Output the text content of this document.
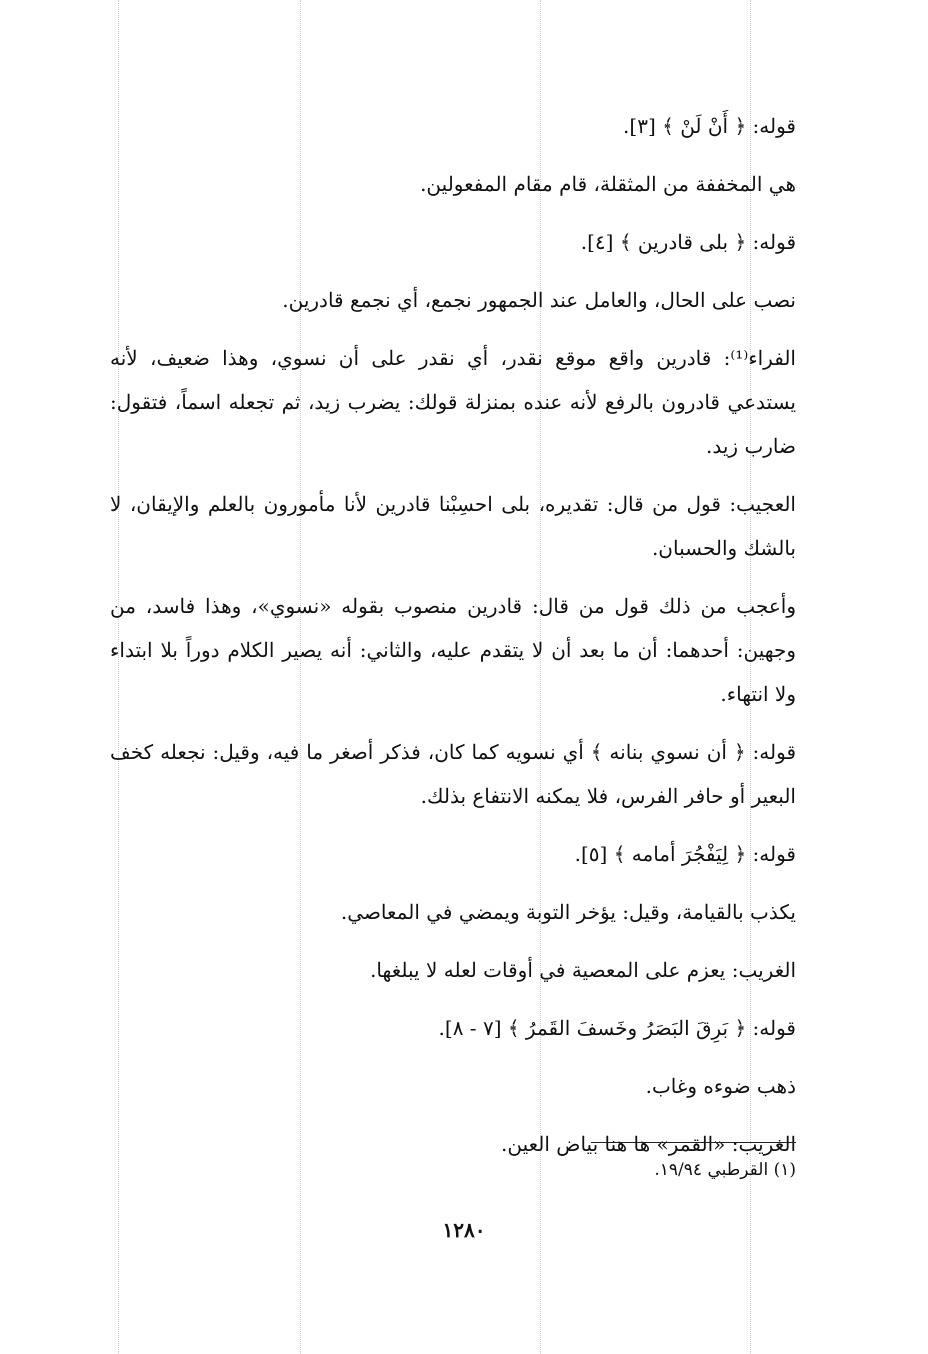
قوله: ﴿ أَنْ لَنْ ﴾ [٣].

هي المخففة من المثقلة، قام مقام المفعولين.

قوله: ﴿ بلى قادرين ﴾ [٤].

نصب على الحال، والعامل عند الجمهور نجمع، أي نجمع قادرين.

الفراء⁽¹⁾: قادرين واقع موقع نقدر، أي نقدر على أن نسوي، وهذا ضعيف، لأنه يستدعي قادرون بالرفع لأنه عنده بمنزلة قولك: يضرب زيد، ثم تجعله اسماً، فتقول: ضارب زيد.

العجيب: قول من قال: تقديره، بلى احسِبْنا قادرين لأنا مأمورون بالعلم والإيقان، لا بالشك والحسبان.

وأعجب من ذلك قول من قال: قادرين منصوب بقوله «نسوي»، وهذا فاسد، من وجهين: أحدهما: أن ما بعد أن لا يتقدم عليه، والثاني: أنه يصير الكلام دوراً بلا ابتداء ولا انتهاء.

قوله: ﴿ أن نسوي بنانه ﴾ أي نسويه كما كان، فذكر أصغر ما فيه، وقيل: نجعله كخف البعير أو حافر الفرس، فلا يمكنه الانتفاع بذلك.

قوله: ﴿ لِيَفْجُرَ أمامه ﴾ [٥].

يكذب بالقيامة، وقيل: يؤخر التوبة ويمضي في المعاصي.

الغريب: يعزم على المعصية في أوقات لعله لا يبلغها.

قوله: ﴿ بَرِقَ البَصَرُ وخَسفَ القَمرُ ﴾ [٧ - ٨].

ذهب ضوءه وغاب.

الغريب: «القمر» ها هنا بياض العين.

(١) القرطبي ١٩/٩٤.
١٢٨٠
